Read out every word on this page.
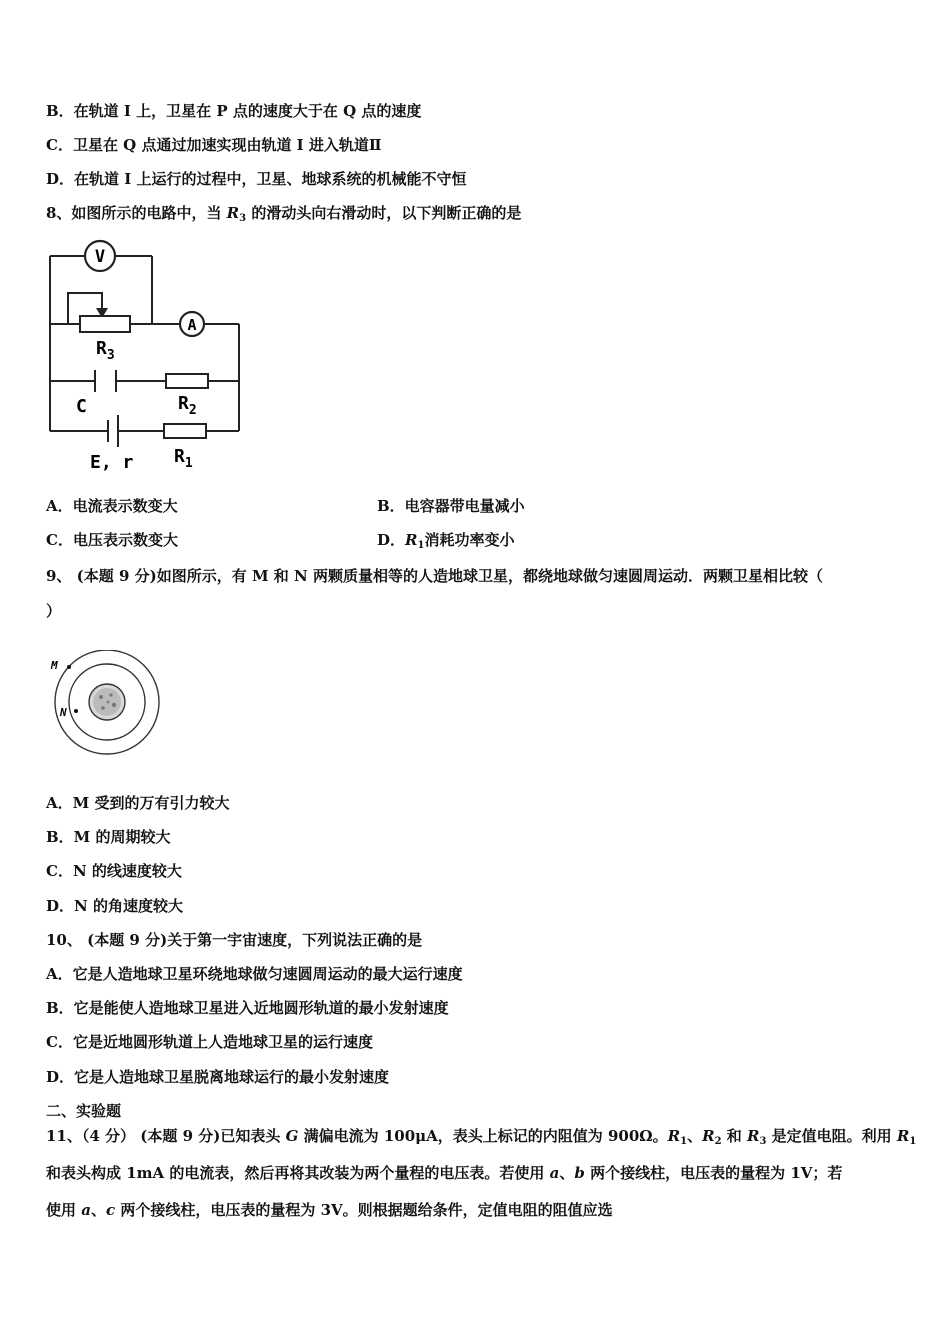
B．在轨道 I 上，卫星在 P 点的速度大于在 Q 点的速度
C．卫星在 Q 点通过加速实现由轨道 I 进入轨道Ⅱ
D．在轨道 I 上运行的过程中，卫星、地球系统的机械能不守恒
8、如图所示的电路中，当 $R_3$ 的滑动头向右滑动时，以下判断正确的是
V
A
$R_3$
$R_2$
C
E, r $R_1$
A．电流表示数变大	B．电容器带电量减小
C．电压表示数变大	D．$R_1$消耗功率变小
9、 (本题 9 分)如图所示，有 M 和 N 两颗质量相等的人造地球卫星，都绕地球做匀速圆周运动．两颗卫星相比较（
）
M
N
A．M 受到的万有引力较大
B．M 的周期较大
C．N 的线速度较大
D．N 的角速度较大
10、 (本题 9 分)关于第一宇宙速度，下列说法正确的是
A．它是人造地球卫星环绕地球做匀速圆周运动的最大运行速度
B．它是能使人造地球卫星进入近地圆形轨道的最小发射速度
C．它是近地圆形轨道上人造地球卫星的运行速度
D．它是人造地球卫星脱离地球运行的最小发射速度
二、实验题
11、（4 分） (本题 9 分)已知表头 G 满偏电流为 100μA，表头上标记的内阻值为 900Ω。$R_1$、$R_2$ 和 $R_3$ 是定值电阻。利用 $R_1$
和表头构成 1mA 的电流表，然后再将其改装为两个量程的电压表。若使用 a、b 两个接线柱，电压表的量程为 1V；若
使用 a、c 两个接线柱，电压表的量程为 3V。则根据题给条件，定值电阻的阻值应选
